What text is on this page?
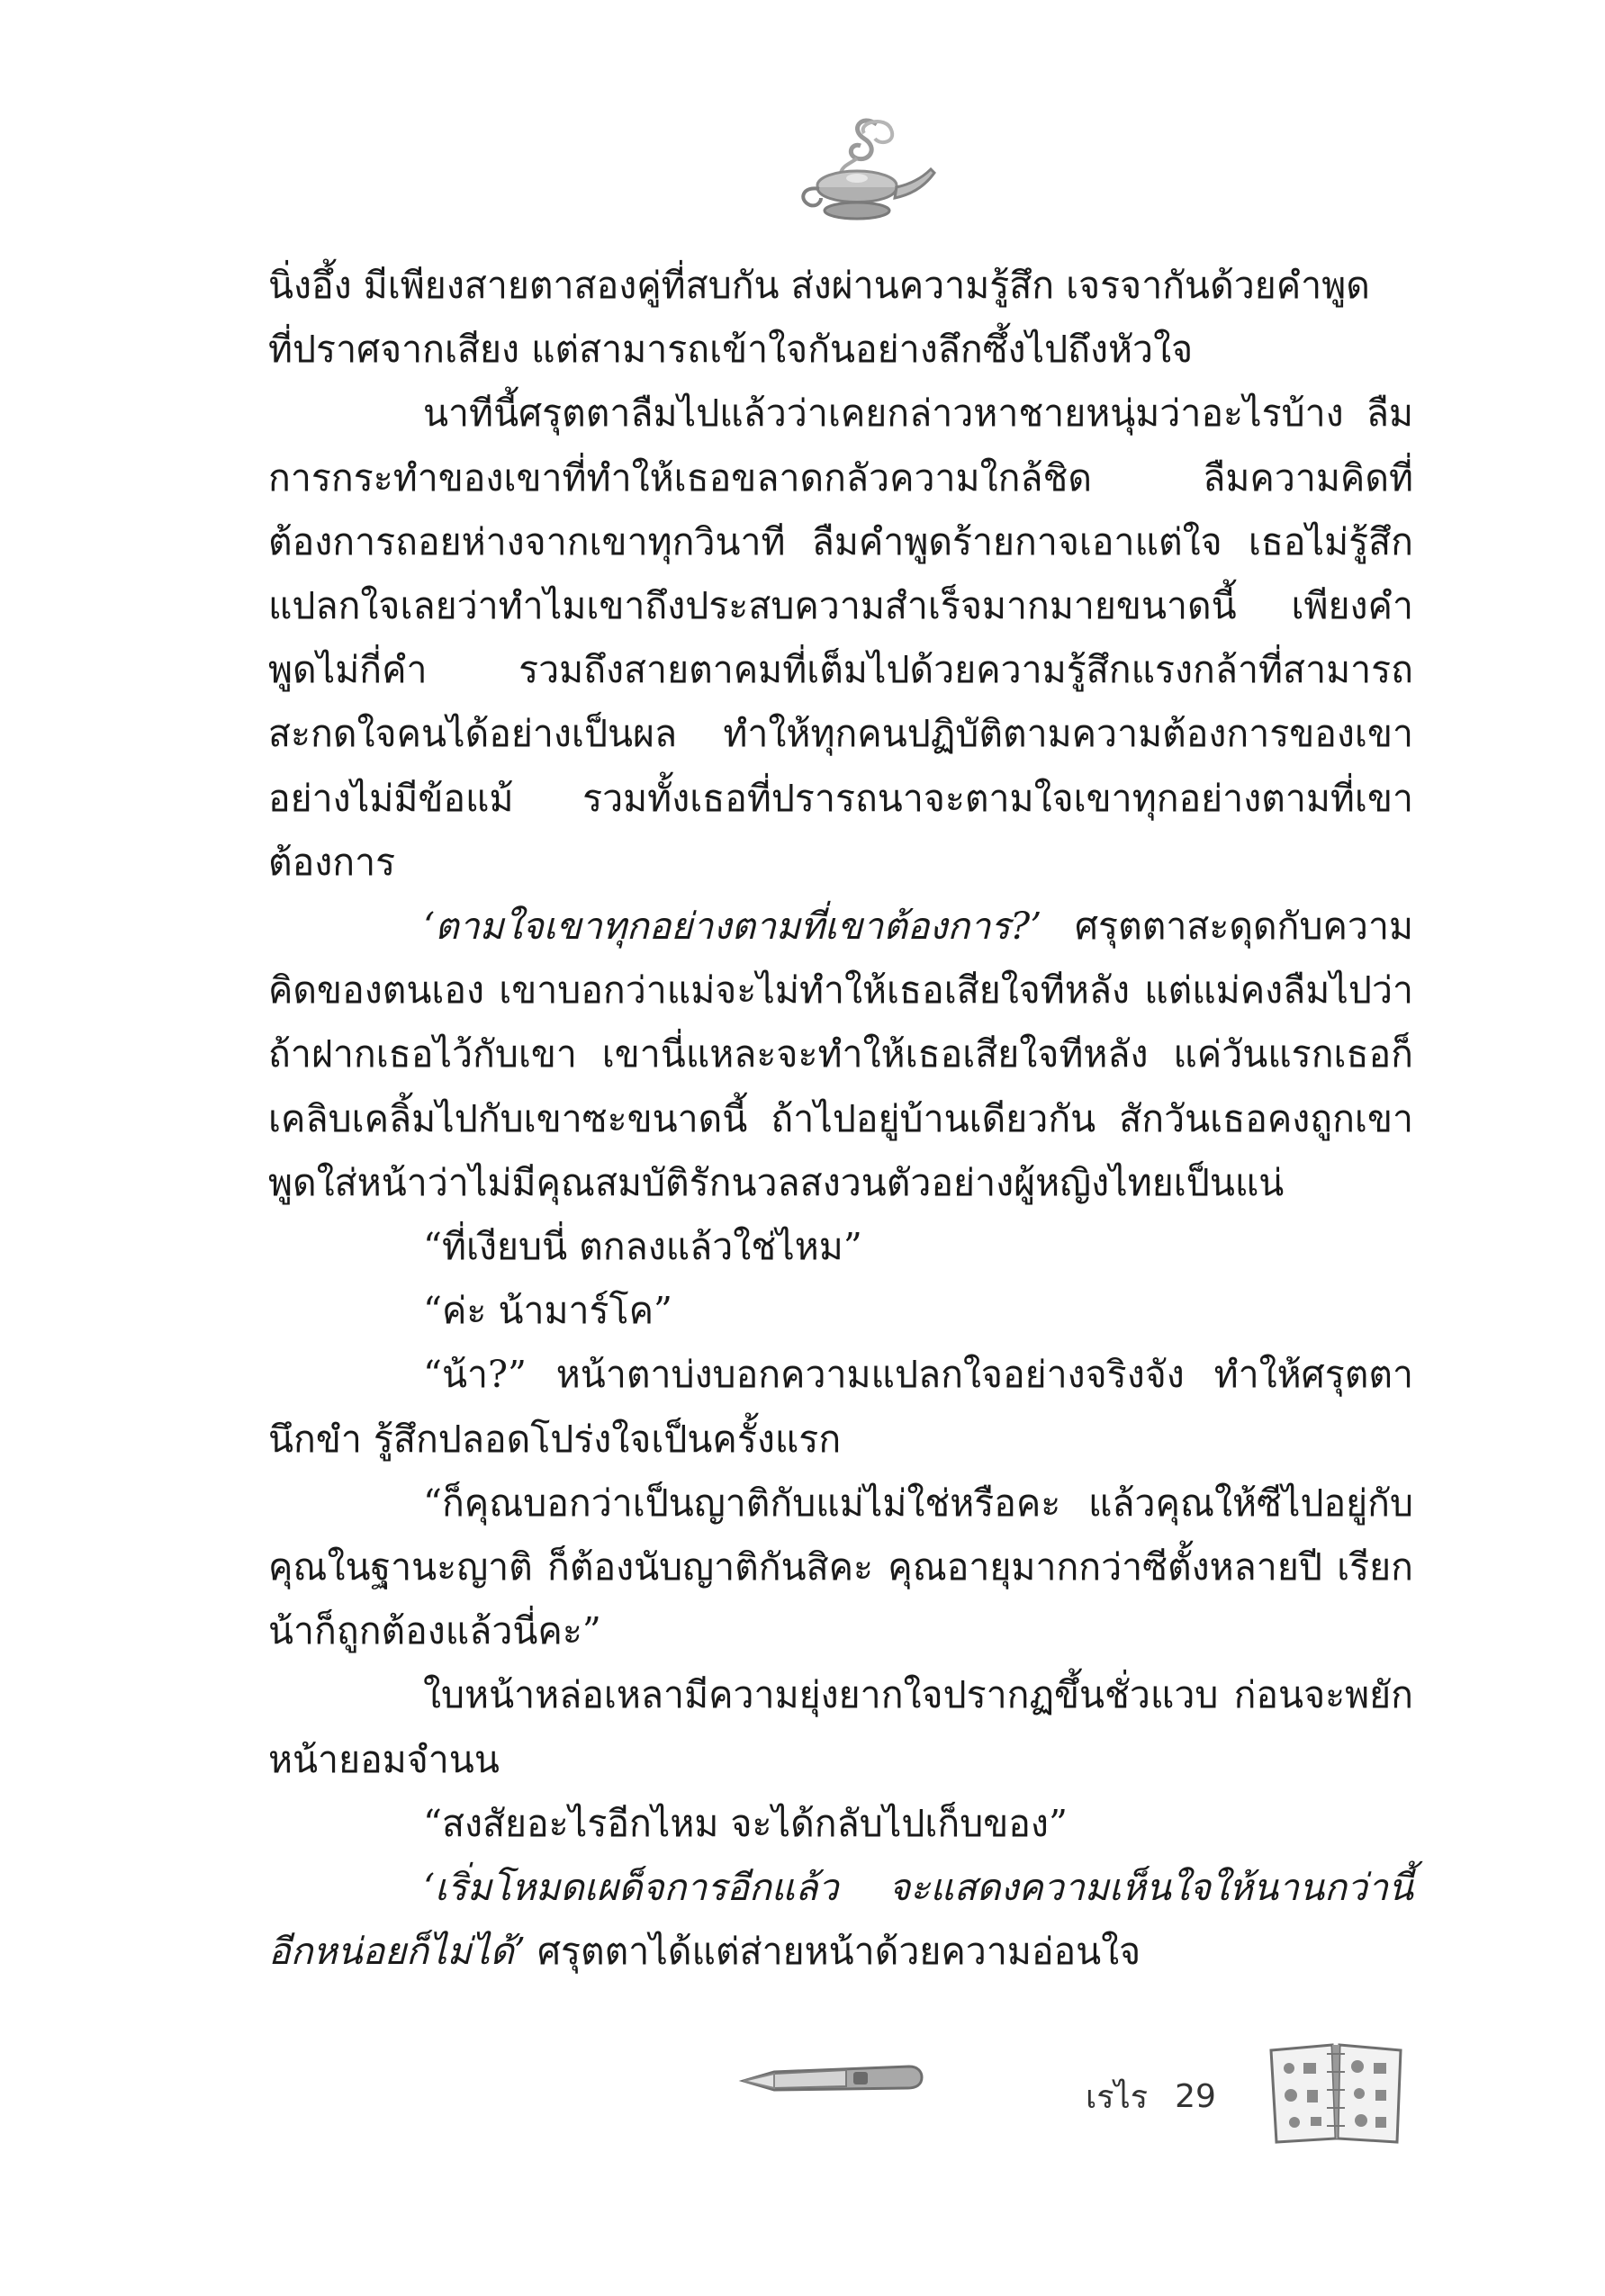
นิ่งอึ้ง มีเพียงสายตาสองคู่ที่สบกัน ส่งผ่านความรู้สึก เจรจากันด้วยคำพูด
ที่ปราศจากเสียง แต่สามารถเข้าใจกันอย่างลึกซึ้งไปถึงหัวใจ

นาทีนี้ศรุตตาลืมไปแล้วว่าเคยกล่าวหาชายหนุ่มว่าอะไรบ้าง ลืมการกระทำของเขาที่ทำให้เธอขลาดกลัวความใกล้ชิด ลืมความคิดที่ต้องการถอยห่างจากเขาทุกวินาที ลืมคำพูดร้ายกาจเอาแต่ใจ เธอไม่รู้สึกแปลกใจเลยว่าทำไมเขาถึงประสบความสำเร็จมากมายขนาดนี้ เพียงคำพูดไม่กี่คำ รวมถึงสายตาคมที่เต็มไปด้วยความรู้สึกแรงกล้าที่สามารถสะกดใจคนได้อย่างเป็นผล ทำให้ทุกคนปฏิบัติตามความต้องการของเขาอย่างไม่มีข้อแม้ รวมทั้งเธอที่ปรารถนาจะตามใจเขาทุกอย่างตามที่เขาต้องการ

‘ตามใจเขาทุกอย่างตามที่เขาต้องการ?’ ศรุตตาสะดุดกับความคิดของตนเอง เขาบอกว่าแม่จะไม่ทำให้เธอเสียใจทีหลัง แต่แม่คงลืมไปว่าถ้าฝากเธอไว้กับเขา เขานี่แหละจะทำให้เธอเสียใจทีหลัง แค่วันแรกเธอก็เคลิบเคลิ้มไปกับเขาซะขนาดนี้ ถ้าไปอยู่บ้านเดียวกัน สักวันเธอคงถูกเขาพูดใส่หน้าว่าไม่มีคุณสมบัติรักนวลสงวนตัวอย่างผู้หญิงไทยเป็นแน่

“ที่เงียบนี่ ตกลงแล้วใช่ไหม”

“ค่ะ น้ามาร์โค”

“น้า?” หน้าตาบ่งบอกความแปลกใจอย่างจริงจัง ทำให้ศรุตตานึกขำ รู้สึกปลอดโปร่งใจเป็นครั้งแรก

“ก็คุณบอกว่าเป็นญาติกับแม่ไม่ใช่หรือคะ แล้วคุณให้ซีไปอยู่กับคุณในฐานะญาติ ก็ต้องนับญาติกันสิคะ คุณอายุมากกว่าซีตั้งหลายปี เรียกน้าก็ถูกต้องแล้วนี่คะ”

ใบหน้าหล่อเหลามีความยุ่งยากใจปรากฏขึ้นชั่วแวบ ก่อนจะพยักหน้ายอมจำนน

“สงสัยอะไรอีกไหม จะได้กลับไปเก็บของ”

‘เริ่มโหมดเผด็จการอีกแล้ว จะแสดงความเห็นใจให้นานกว่านี้อีกหน่อยก็ไม่ได้’ ศรุตตาได้แต่ส่ายหน้าด้วยความอ่อนใจ

เรไร 29
